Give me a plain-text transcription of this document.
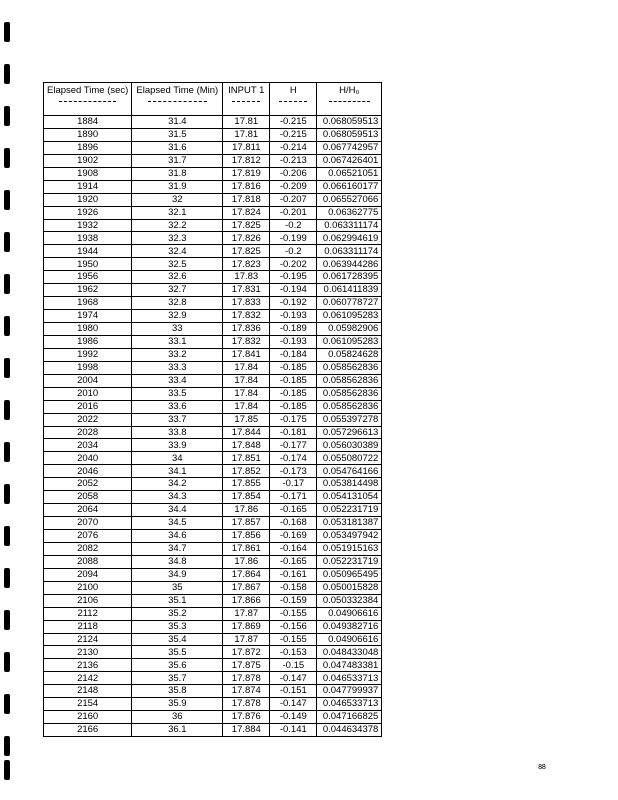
Elapsed Time (sec)	Elapsed Time (Min)	INPUT 1	H	H/H₀

1884	31.4	17.81	-0.215	0.068059513
1890	31.5	17.81	-0.215	0.068059513
1896	31.6	17.811	-0.214	0.067742957
1902	31.7	17.812	-0.213	0.067426401
1908	31.8	17.819	-0.206	0.06521051
1914	31.9	17.816	-0.209	0.066160177
1920	32	17.818	-0.207	0.065527066
1926	32.1	17.824	-0.201	0.06362775
1932	32.2	17.825	-0.2	0.063311174
1938	32.3	17.826	-0.199	0.062994619
1944	32.4	17.825	-0.2	0.063311174
1950	32.5	17.823	-0.202	0.063944286
1956	32.6	17.83	-0.195	0.061728395
1962	32.7	17.831	-0.194	0.061411839
1968	32.8	17.833	-0.192	0.060778727
1974	32.9	17.832	-0.193	0.061095283
1980	33	17.836	-0.189	0.05982906
1986	33.1	17.832	-0.193	0.061095283
1992	33.2	17.841	-0.184	0.05824628
1998	33.3	17.84	-0.185	0.058562836
2004	33.4	17.84	-0.185	0.058562836
2010	33.5	17.84	-0.185	0.058562836
2016	33.6	17.84	-0.185	0.058562836
2022	33.7	17.85	-0.175	0.055397278
2028	33.8	17.844	-0.181	0.057296613
2034	33.9	17.848	-0.177	0.056030389
2040	34	17.851	-0.174	0.055080722
2046	34.1	17.852	-0.173	0.054764166
2052	34.2	17.855	-0.17	0.053814498
2058	34.3	17.854	-0.171	0.054131054
2064	34.4	17.86	-0.165	0.052231719
2070	34.5	17.857	-0.168	0.053181387
2076	34.6	17.856	-0.169	0.053497942
2082	34.7	17.861	-0.164	0.051915163
2088	34.8	17.86	-0.165	0.052231719
2094	34.9	17.864	-0.161	0.050965495
2100	35	17.867	-0.158	0.050015828
2106	35.1	17.866	-0.159	0.050332384
2112	35.2	17.87	-0.155	0.04906616
2118	35.3	17.869	-0.156	0.049382716
2124	35.4	17.87	-0.155	0.04906616
2130	35.5	17.872	-0.153	0.048433048
2136	35.6	17.875	-0.15	0.047483381
2142	35.7	17.878	-0.147	0.046533713
2148	35.8	17.874	-0.151	0.047799937
2154	35.9	17.878	-0.147	0.046533713
2160	36	17.876	-0.149	0.047166825
2166	36.1	17.884	-0.141	0.044634378
88
